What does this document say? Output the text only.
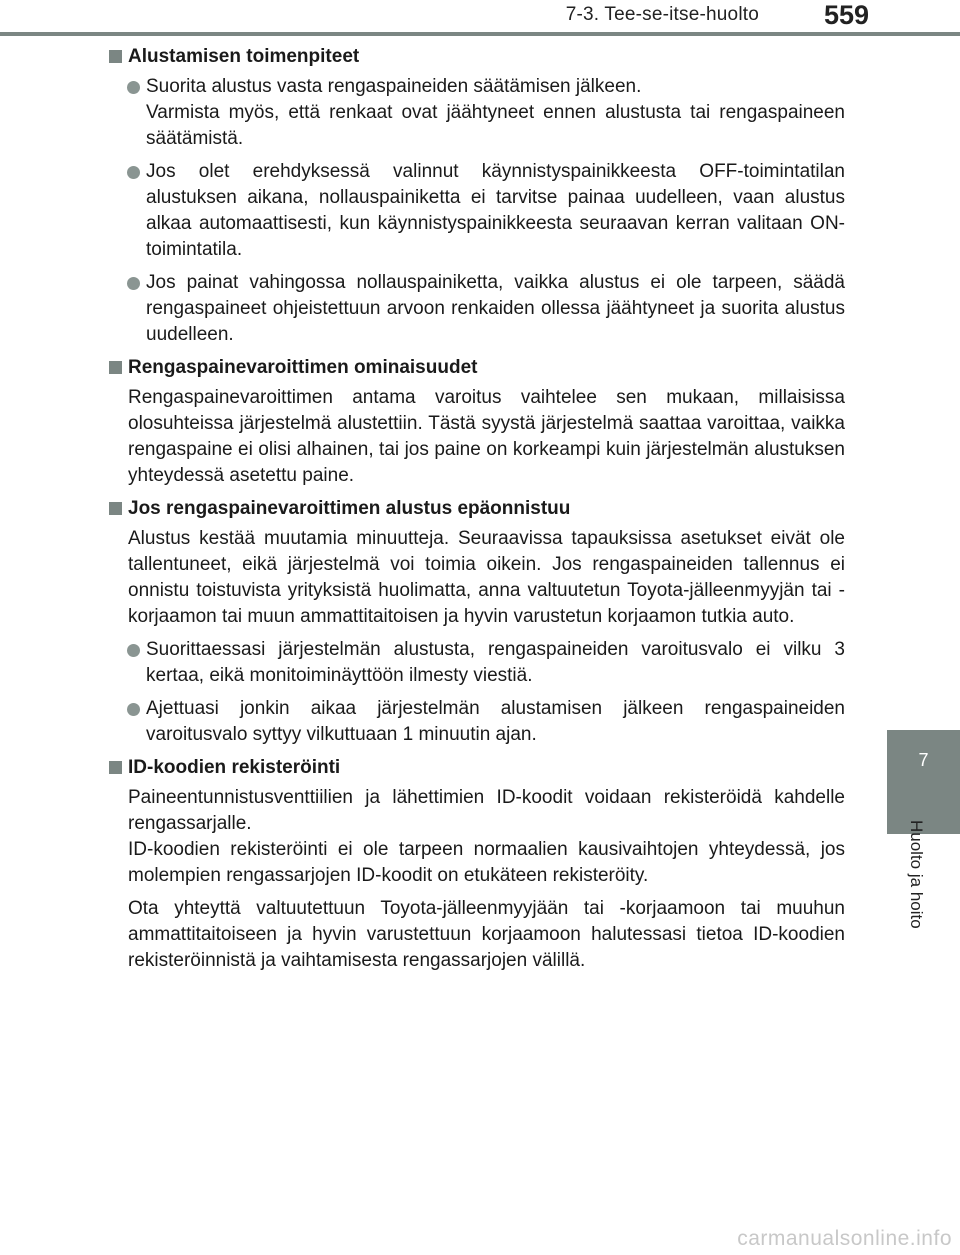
7-3. Tee-se-itse-huolto 559
7
Huolto ja hoito
Alustamisen toimenpiteet
Suorita alustus vasta rengaspaineiden säätämisen jälkeen.
Varmista myös, että renkaat ovat jäähtyneet ennen alustusta tai rengaspaineen säätämistä.
Jos olet erehdyksessä valinnut käynnistyspainikkeesta OFF-toimintatilan alustuksen aikana, nollauspainiketta ei tarvitse painaa uudelleen, vaan alustus alkaa automaattisesti, kun käynnistyspainikkeesta seuraavan kerran valitaan ON-toimintatila.
Jos painat vahingossa nollauspainiketta, vaikka alustus ei ole tarpeen, säädä rengaspaineet ohjeistettuun arvoon renkaiden ollessa jäähtyneet ja suorita alustus uudelleen.
Rengaspainevaroittimen ominaisuudet
Rengaspainevaroittimen antama varoitus vaihtelee sen mukaan, millaisissa olosuhteissa järjestelmä alustettiin. Tästä syystä järjestelmä saattaa varoittaa, vaikka rengaspaine ei olisi alhainen, tai jos paine on korkeampi kuin järjestelmän alustuksen yhteydessä asetettu paine.
Jos rengaspainevaroittimen alustus epäonnistuu
Alustus kestää muutamia minuutteja. Seuraavissa tapauksissa asetukset eivät ole tallentuneet, eikä järjestelmä voi toimia oikein. Jos rengaspaineiden tallennus ei onnistu toistuvista yrityksistä huolimatta, anna valtuutetun Toyota-jälleenmyyjän tai -korjaamon tai muun ammattitaitoisen ja hyvin varustetun korjaamon tutkia auto.
Suorittaessasi järjestelmän alustusta, rengaspaineiden varoitusvalo ei vilku 3 kertaa, eikä monitoiminäyttöön ilmesty viestiä.
Ajettuasi jonkin aikaa järjestelmän alustamisen jälkeen rengaspaineiden varoitusvalo syttyy vilkuttuaan 1 minuutin ajan.
ID-koodien rekisteröinti
Paineentunnistusventtiilien ja lähettimien ID-koodit voidaan rekisteröidä kahdelle rengassarjalle.
ID-koodien rekisteröinti ei ole tarpeen normaalien kausivaihtojen yhteydessä, jos molempien rengassarjojen ID-koodit on etukäteen rekisteröity.
Ota yhteyttä valtuutettuun Toyota-jälleenmyyjään tai -korjaamoon tai muuhun ammattitaitoiseen ja hyvin varustettuun korjaamoon halutessasi tietoa ID-koodien rekisteröinnistä ja vaihtamisesta rengassarjojen välillä.
carmanualsonline.info
